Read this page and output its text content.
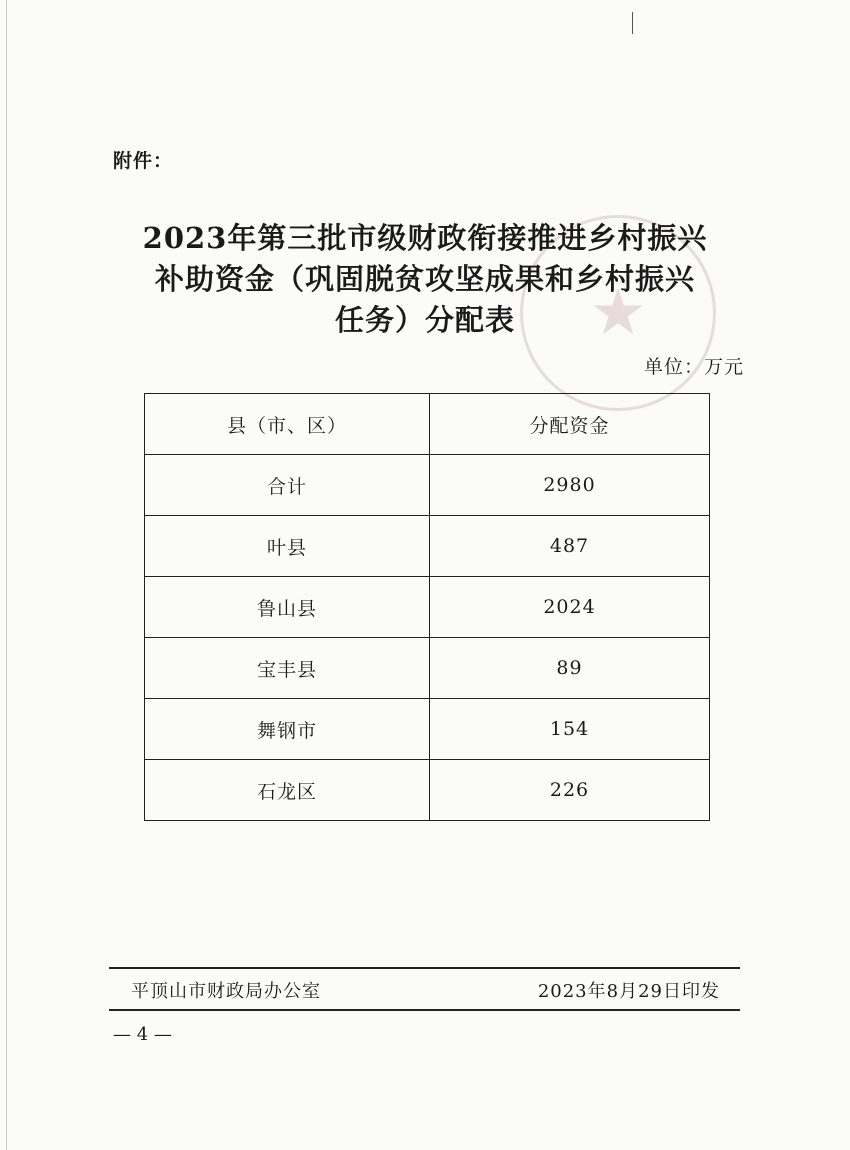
★
附件：
2023年第三批市级财政衔接推进乡村振兴
补助资金（巩固脱贫攻坚成果和乡村振兴
任务）分配表
单位：万元
县（市、区）	分配资金
合计	2980
叶县	487
鲁山县	2024
宝丰县	89
舞钢市	154
石龙区	226
平顶山市财政局办公室	2023年8月29日印发
— 4 —
